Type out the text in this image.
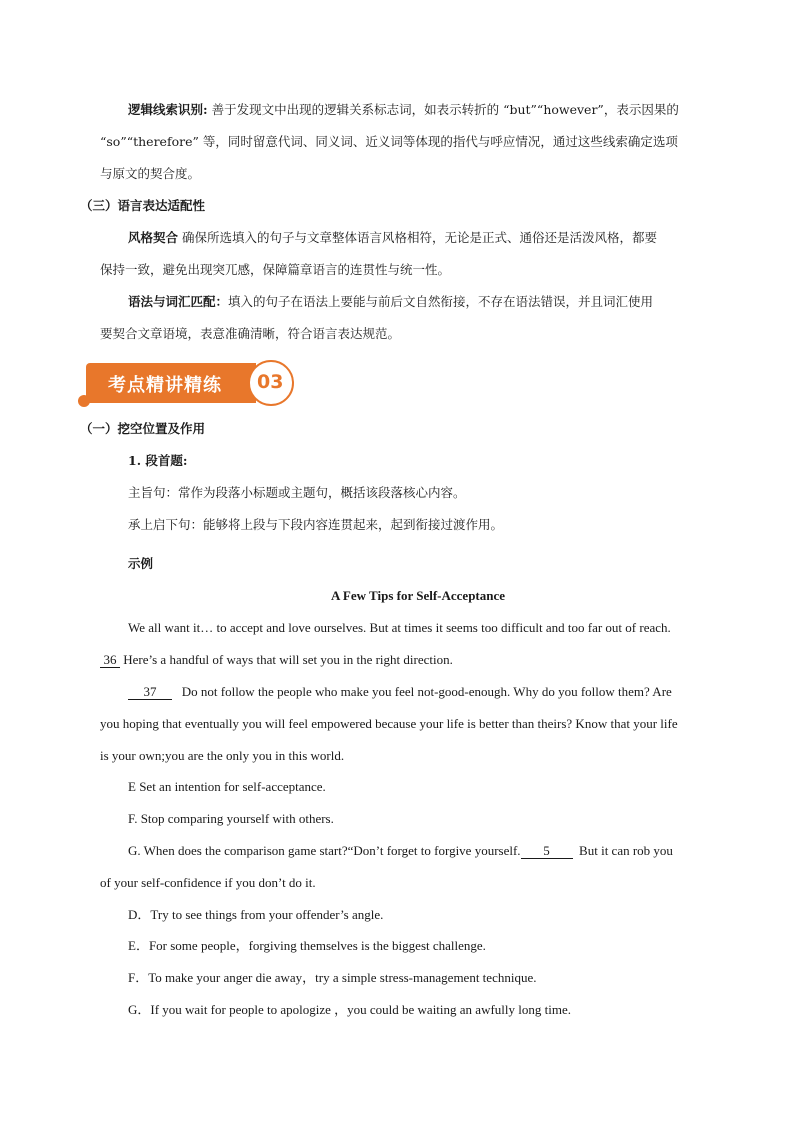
逻辑线索识别: 善于发现文中出现的逻辑关系标志词，如表示转折的 “but”“however”，表示因果的
“so”“therefore” 等，同时留意代词、同义词、近义词等体现的指代与呼应情况，通过这些线索确定选项
与原文的契合度。
（三）语言表达适配性
风格契合 确保所选填入的句子与文章整体语言风格相符，无论是正式、通俗还是活泼风格，都要
保持一致，避免出现突兀感，保障篇章语言的连贯性与统一性。
语法与词汇匹配：填入的句子在语法上要能与前后文自然衔接，不存在语法错误，并且词汇使用
要契合文章语境，表意准确清晰，符合语言表达规范。
考点精讲精练 03
（一）挖空位置及作用
1. 段首题:
主旨句：常作为段落小标题或主题句，概括该段落核心内容。
承上启下句：能够将上段与下段内容连贯起来，起到衔接过渡作用。
示例
A Few Tips for Self-Acceptance
We all want it… to accept and love ourselves. But at times it seems too difficult and too far out of reach.
36 Here’s a handful of ways that will set you in the right direction.
37 Do not follow the people who make you feel not-good-enough. Why do you follow them? Are
you hoping that eventually you will feel empowered because your life is better than theirs? Know that your life
is your own;you are the only you in this world.
E Set an intention for self-acceptance.
F. Stop comparing yourself with others.
G. When does the comparison game start?“Don’t forget to forgive yourself. 5 But it can rob you
of your self-confidence if you don’t do it.
D．Try to see things from your offender’s angle.
E．For some people，forgiving themselves is the biggest challenge.
F．To make your anger die away，try a simple stress-management technique.
G．If you wait for people to apologize ，you could be waiting an awfully long time.
